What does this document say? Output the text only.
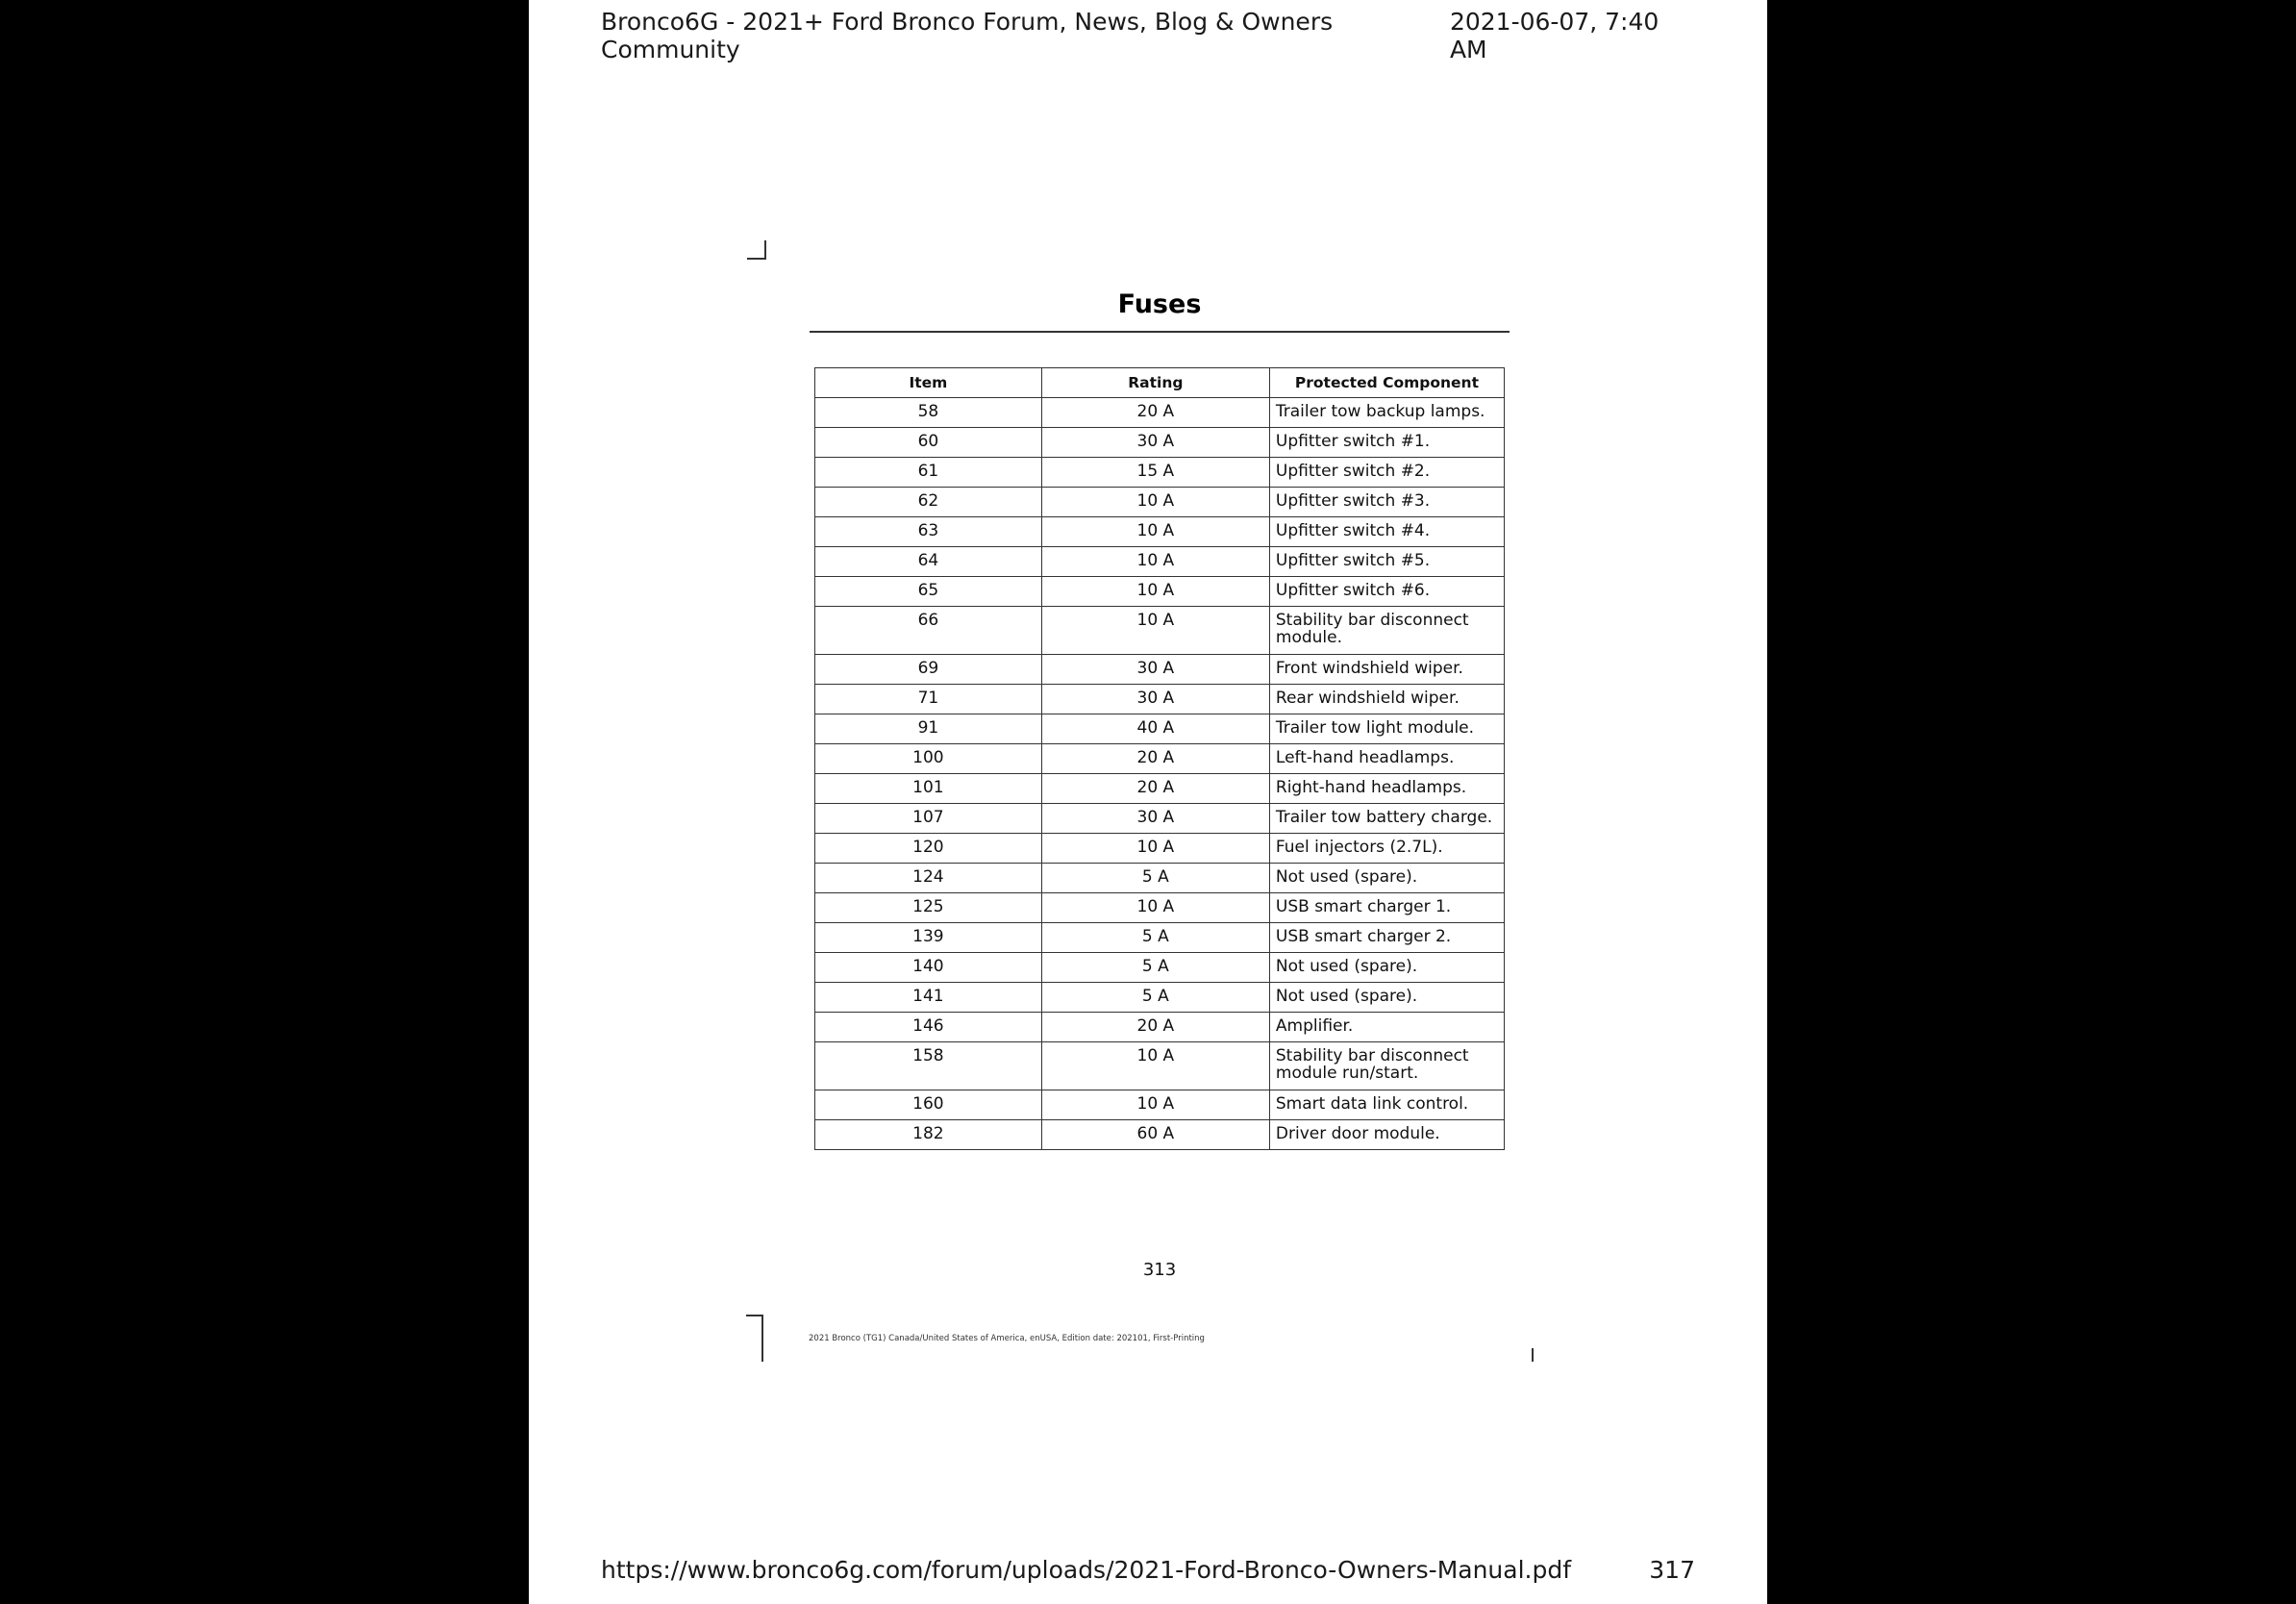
Bronco6G - 2021+ Ford Bronco Forum, News, Blog & Owners Community
2021-06-07, 7:40 AM
Fuses
Item	Rating	Protected Component
58	20 A	Trailer tow backup lamps.
60	30 A	Upfitter switch #1.
61	15 A	Upfitter switch #2.
62	10 A	Upfitter switch #3.
63	10 A	Upfitter switch #4.
64	10 A	Upfitter switch #5.
65	10 A	Upfitter switch #6.
66	10 A	Stability bar disconnect module.
69	30 A	Front windshield wiper.
71	30 A	Rear windshield wiper.
91	40 A	Trailer tow light module.
100	20 A	Left-hand headlamps.
101	20 A	Right-hand headlamps.
107	30 A	Trailer tow battery charge.
120	10 A	Fuel injectors (2.7L).
124	5 A	Not used (spare).
125	10 A	USB smart charger 1.
139	5 A	USB smart charger 2.
140	5 A	Not used (spare).
141	5 A	Not used (spare).
146	20 A	Amplifier.
158	10 A	Stability bar disconnect module run/start.
160	10 A	Smart data link control.
182	60 A	Driver door module.
313
2021 Bronco (TG1) Canada/United States of America, enUSA, Edition date: 202101, First-Printing
https://www.bronco6g.com/forum/uploads/2021-Ford-Bronco-Owners-Manual.pdf	317
